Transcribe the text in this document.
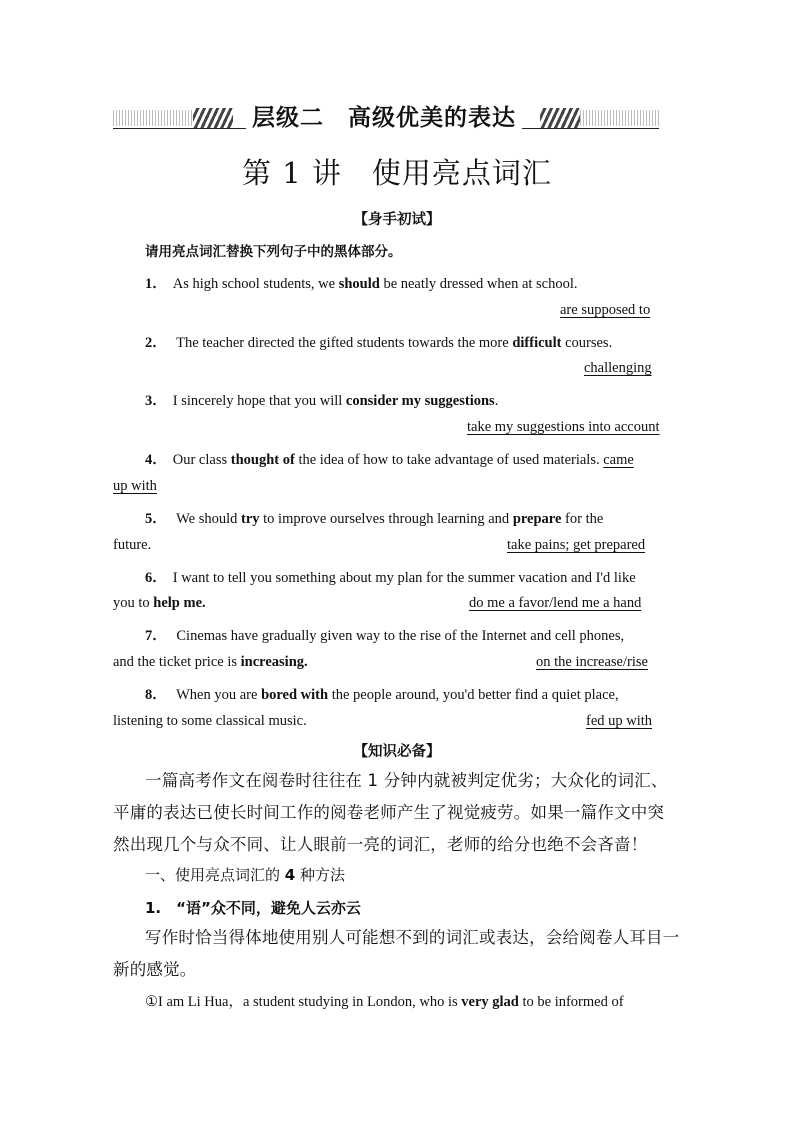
层级二　高级优美的表达
第 1 讲　使用亮点词汇
【身手初试】
请用亮点词汇替换下列句子中的黑体部分。
1． As high school students, we should be neatly dressed when at school.
are supposed to
2． The teacher directed the gifted students towards the more difficult courses.
challenging
3． I sincerely hope that you will consider my suggestions.
take my suggestions into account
4． Our class thought of the idea of how to take advantage of used materials. came
up with
5． We should try to improve ourselves through learning and prepare for the
future.	take pains; get prepared
6． I want to tell you something about my plan for the summer vacation and I'd like
you to help me.	do me a favor/lend me a hand
7． Cinemas have gradually given way to the rise of the Internet and cell phones,
and the ticket price is increasing.	on the increase/rise
8． When you are bored with the people around, you'd better find a quiet place,
listening to some classical music.	fed up with
【知识必备】
一篇高考作文在阅卷时往往在 1 分钟内就被判定优劣；大众化的词汇、平庸的表达已使长时间工作的阅卷老师产生了视觉疲劳。如果一篇作文中突然出现几个与众不同、让人眼前一亮的词汇，老师的给分也绝不会吝啬！
一、使用亮点词汇的 4 种方法
1.　“语”众不同，避免人云亦云
写作时恰当得体地使用别人可能想不到的词汇或表达，会给阅卷人耳目一新的感觉。
①I am Li Hua，a student studying in London, who is very glad to be informed of
